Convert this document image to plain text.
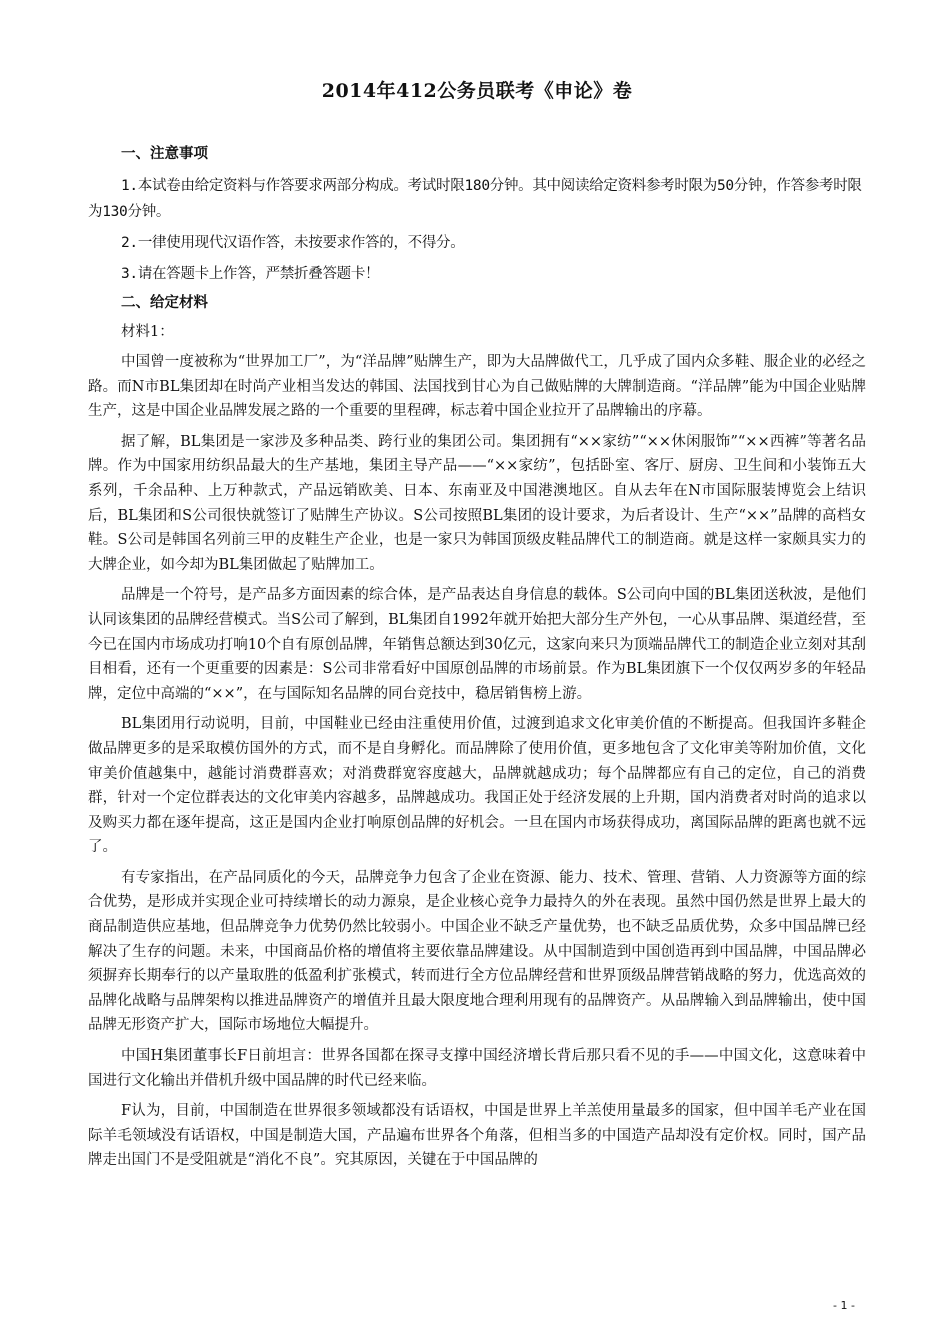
2014年412公务员联考《申论》卷
一、注意事项
1.本试卷由给定资料与作答要求两部分构成。考试时限180分钟。其中阅读给定资料参考时限为50分钟，作答参考时限为130分钟。
2.一律使用现代汉语作答，未按要求作答的，不得分。
3.请在答题卡上作答，严禁折叠答题卡！
二、给定材料
材料1：

中国曾一度被称为“世界加工厂”，为“洋品牌”贴牌生产，即为大品牌做代工，几乎成了国内众多鞋、服企业的必经之路。而N市BL集团却在时尚产业相当发达的韩国、法国找到甘心为自己做贴牌的大牌制造商。“洋品牌”能为中国企业贴牌生产，这是中国企业品牌发展之路的一个重要的里程碑，标志着中国企业拉开了品牌输出的序幕。

据了解，BL集团是一家涉及多种品类、跨行业的集团公司。集团拥有“××家纺”“××休闲服饰”“××西裤”等著名品牌。作为中国家用纺织品最大的生产基地，集团主导产品——“××家纺”，包括卧室、客厅、厨房、卫生间和小装饰五大系列，千余品种、上万种款式，产品远销欧美、日本、东南亚及中国港澳地区。自从去年在N市国际服装博览会上结识后，BL集团和S公司很快就签订了贴牌生产协议。S公司按照BL集团的设计要求，为后者设计、生产“××”品牌的高档女鞋。S公司是韩国名列前三甲的皮鞋生产企业，也是一家只为韩国顶级皮鞋品牌代工的制造商。就是这样一家颇具实力的大牌企业，如今却为BL集团做起了贴牌加工。

品牌是一个符号，是产品多方面因素的综合体，是产品表达自身信息的载体。S公司向中国的BL集团送秋波，是他们认同该集团的品牌经营模式。当S公司了解到，BL集团自1992年就开始把大部分生产外包，一心从事品牌、渠道经营，至今已在国内市场成功打响10个自有原创品牌，年销售总额达到30亿元，这家向来只为顶端品牌代工的制造企业立刻对其刮目相看，还有一个更重要的因素是：S公司非常看好中国原创品牌的市场前景。作为BL集团旗下一个仅仅两岁多的年轻品牌，定位中高端的“××”，在与国际知名品牌的同台竞技中，稳居销售榜上游。

BL集团用行动说明，目前，中国鞋业已经由注重使用价值，过渡到追求文化审美价值的不断提高。但我国许多鞋企做品牌更多的是采取模仿国外的方式，而不是自身孵化。而品牌除了使用价值，更多地包含了文化审美等附加价值，文化审美价值越集中，越能讨消费群喜欢；对消费群宽容度越大，品牌就越成功；每个品牌都应有自己的定位，自己的消费群，针对一个定位群表达的文化审美内容越多，品牌越成功。我国正处于经济发展的上升期，国内消费者对时尚的追求以及购买力都在逐年提高，这正是国内企业打响原创品牌的好机会。一旦在国内市场获得成功，离国际品牌的距离也就不远了。

有专家指出，在产品同质化的今天，品牌竞争力包含了企业在资源、能力、技术、管理、营销、人力资源等方面的综合优势，是形成并实现企业可持续增长的动力源泉，是企业核心竞争力最持久的外在表现。虽然中国仍然是世界上最大的商品制造供应基地，但品牌竞争力优势仍然比较弱小。中国企业不缺乏产量优势，也不缺乏品质优势，众多中国品牌已经解决了生存的问题。未来，中国商品价格的增值将主要依靠品牌建设。从中国制造到中国创造再到中国品牌，中国品牌必须摒弃长期奉行的以产量取胜的低盈利扩张模式，转而进行全方位品牌经营和世界顶级品牌营销战略的努力，优选高效的品牌化战略与品牌架构以推进品牌资产的增值并且最大限度地合理利用现有的品牌资产。从品牌输入到品牌输出，使中国品牌无形资产扩大，国际市场地位大幅提升。

中国H集团董事长F日前坦言：世界各国都在探寻支撑中国经济增长背后那只看不见的手——中国文化，这意味着中国进行文化输出并借机升级中国品牌的时代已经来临。

F认为，目前，中国制造在世界很多领域都没有话语权，中国是世界上羊羔使用量最多的国家，但中国羊毛产业在国际羊毛领域没有话语权，中国是制造大国，产品遍布世界各个角落，但相当多的中国造产品却没有定价权。同时，国产品牌走出国门不是受阻就是“消化不良”。究其原因，关键在于中国品牌的

- 1 -
